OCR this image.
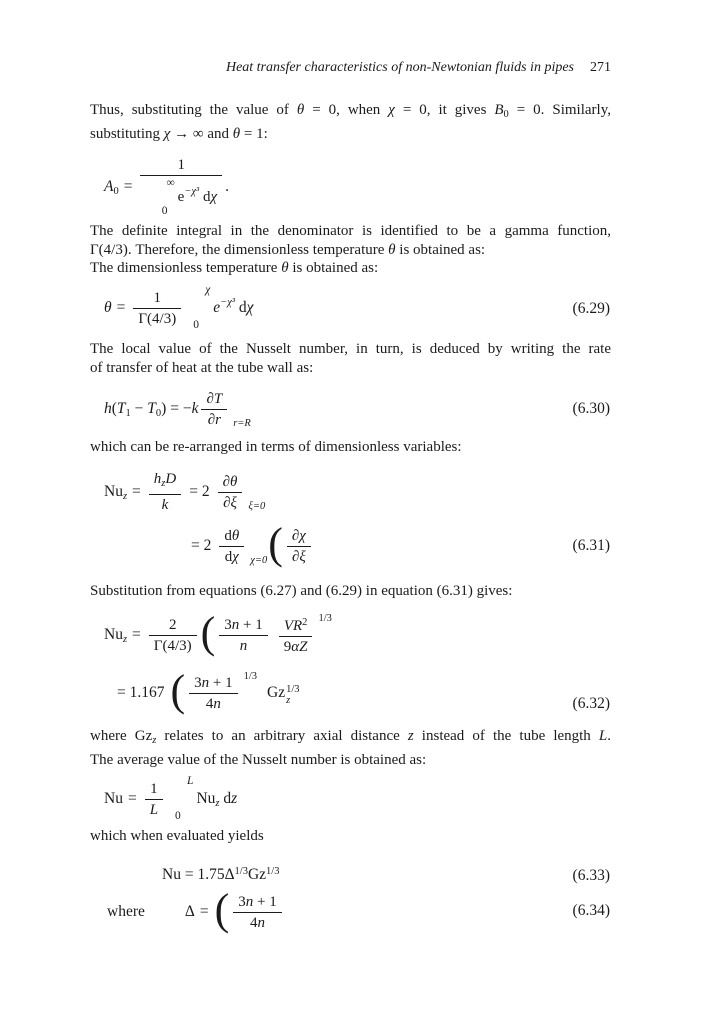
Heat transfer characteristics of non-Newtonian fluids in pipes 271
Thus, substituting the value of θ = 0, when χ = 0, it gives $B_0 = 0$. Similarly,
substituting χ → ∞ and θ = 1:
A0 = 1
∞
0
$e^{-\chi^3}$ dχ .
The definite integral in the denominator is identified to be a gamma function,
Γ(4/3). Therefore, the dimensionless temperature θ is obtained as:
The dimensionless temperature θ is obtained as:
$\theta = \frac{1}{\Gamma(4/3)}$ χ
0
$e^{-\chi^3}$ dχ	(6.29)
The local value of the Nusselt number, in turn, is deduced by writing the rate
of transfer of heat at the tube wall as:
$h(T1 - T0) = -k \frac{\partial T}{\partial r} r=R$
(6.30)
which can be re-arranged in terms of dimensionless variables:
Nuz = $\frac{h_zD}{k} = 2 \frac{\partial\theta}{\partial\xi} \xi=0$
= $2 \frac{d\theta}{d\chi} \chi=0$ ( $\frac{\partial\chi}{\partial\xi}$	(6.31)
Substitution from equations (6.27) and (6.29) in equation (6.31) gives:
Nuz = $\frac{2}{\Gamma(4/3)}$ ( $\frac{3n + 1}{n} \frac{VR^2}{9\alpha Z} 1/3$
= 1.167 ( $\frac{3n + 1}{4n} 1/3$
Gz 1/3
z	(6.32)
where $Gz_z$ relates to an arbitrary axial distance z instead of the tube length L.
The average value of the Nusselt number is obtained as:
$Nu = \frac{1}{L}$ L
0
Nuz dz
which when evaluated yields
$Nu = 1.75\Delta^{1/3}Gz^{1/3}$	(6.33)
where	Δ = ( $\frac{3n + 1}{4n}$	(6.34)
